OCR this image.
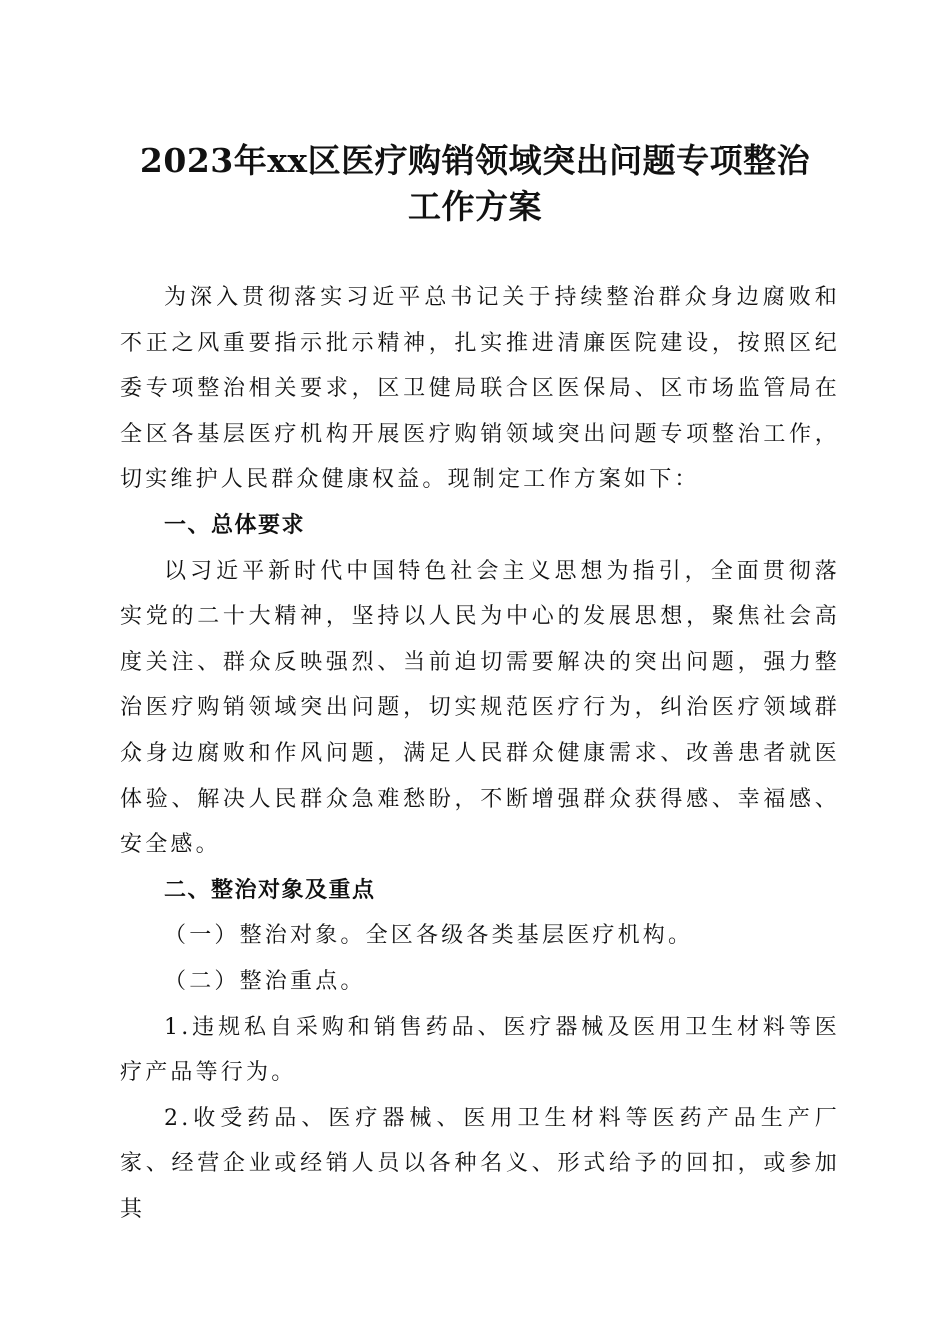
2023年xx区医疗购销领域突出问题专项整治
工作方案

为深入贯彻落实习近平总书记关于持续整治群众身边腐败和不正之风重要指示批示精神，扎实推进清廉医院建设，按照区纪委专项整治相关要求，区卫健局联合区医保局、区市场监管局在全区各基层医疗机构开展医疗购销领域突出问题专项整治工作，切实维护人民群众健康权益。现制定工作方案如下：

一、总体要求

以习近平新时代中国特色社会主义思想为指引，全面贯彻落实党的二十大精神，坚持以人民为中心的发展思想，聚焦社会高度关注、群众反映强烈、当前迫切需要解决的突出问题，强力整治医疗购销领域突出问题，切实规范医疗行为，纠治医疗领域群众身边腐败和作风问题，满足人民群众健康需求、改善患者就医体验、解决人民群众急难愁盼，不断增强群众获得感、幸福感、安全感。

二、整治对象及重点

（一）整治对象。全区各级各类基层医疗机构。

（二）整治重点。

1.违规私自采购和销售药品、医疗器械及医用卫生材料等医疗产品等行为。

2.收受药品、医疗器械、医用卫生材料等医药产品生产厂家、经营企业或经销人员以各种名义、形式给予的回扣，或参加其
